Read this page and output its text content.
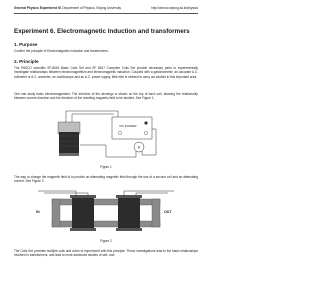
General Physics Experiment III, Department of Physics, Sejong University	http://xtronic.sejong.ac.kr/physics
Experiment 6. Electromagnetic Induction and transformers
1. Purpose
Confirm the principle of Electromagnetic induction and transformers.
2. Principle
The PASCO scientific SF-8616 Basic Coils Set and SF 8617 Complete Coils Set provide necessary parts to experimentally investigate relationships between electromagnetism and electromagnetic induction. Coupled with a galvanometer, an accurate A.C. voltmeter or A.C. ammeter, an oscilloscope and an A.C. power supply, little else is needed to carry out studies in this important area.
One can study basic electromagnetism: The direction of the windings is shown on the top of each coil, allowing the relationship between current direction and the direction of the resulting magnetic field to be studied. See Figure 1.
DC POWER
A
Figure 1
The way to change the magnetic field is to provide an alternating magnetic field through the use of a second coil and an alternating current. See Figure 2.
IN	OUT
Figure 2
The Coils Set provides multiple coils and cores to experiment with this principle. These investigations lead to the basic relationships involved in transformers, and lead to more advanced studies of self- and
